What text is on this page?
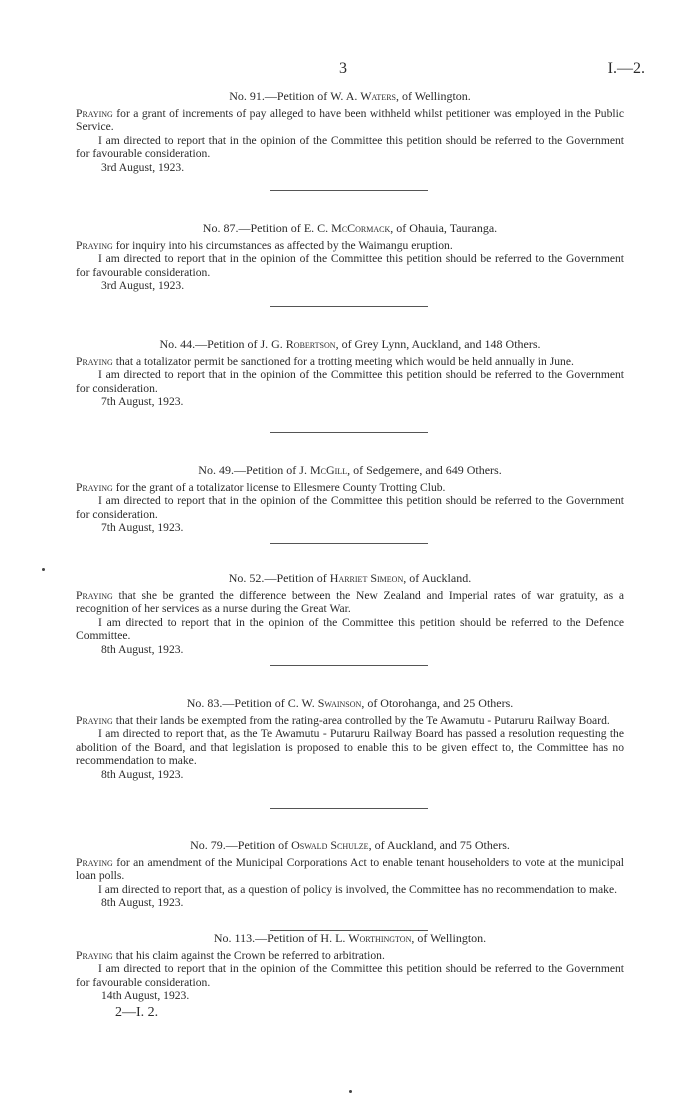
3	I.—2.

No. 91.—Petition of W. A. Waters, of Wellington.

Praying for a grant of increments of pay alleged to have been withheld whilst petitioner was employed in the Public Service.

I am directed to report that in the opinion of the Committee this petition should be referred to the Government for favourable consideration.

3rd August, 1923.

No. 87.—Petition of E. C. McCormack, of Ohauia, Tauranga.

Praying for inquiry into his circumstances as affected by the Waimangu eruption.

I am directed to report that in the opinion of the Committee this petition should be referred to the Government for favourable consideration.

3rd August, 1923.

No. 44.—Petition of J. G. Robertson, of Grey Lynn, Auckland, and 148 Others.

Praying that a totalizator permit be sanctioned for a trotting meeting which would be held annually in June.

I am directed to report that in the opinion of the Committee this petition should be referred to the Government for consideration.

7th August, 1923.

No. 49.—Petition of J. McGill, of Sedgemere, and 649 Others.

Praying for the grant of a totalizator license to Ellesmere County Trotting Club.

I am directed to report that in the opinion of the Committee this petition should be referred to the Government for consideration.

7th August, 1923.

No. 52.—Petition of Harriet Simeon, of Auckland.

Praying that she be granted the difference between the New Zealand and Imperial rates of war gratuity, as a recognition of her services as a nurse during the Great War.

I am directed to report that in the opinion of the Committee this petition should be referred to the Defence Committee.

8th August, 1923.

No. 83.—Petition of C. W. Swainson, of Otorohanga, and 25 Others.

Praying that their lands be exempted from the rating-area controlled by the Te Awamutu - Putaruru Railway Board.

I am directed to report that, as the Te Awamutu - Putaruru Railway Board has passed a resolution requesting the abolition of the Board, and that legislation is proposed to enable this to be given effect to, the Committee has no recommendation to make.

8th August, 1923.

No. 79.—Petition of Oswald Schulze, of Auckland, and 75 Others.

Praying for an amendment of the Municipal Corporations Act to enable tenant householders to vote at the municipal loan polls.

I am directed to report that, as a question of policy is involved, the Committee has no recommendation to make.

8th August, 1923.

No. 113.—Petition of H. L. Worthington, of Wellington.

Praying that his claim against the Crown be referred to arbitration.

I am directed to report that in the opinion of the Committee this petition should be referred to the Government for favourable consideration.

14th August, 1923.

2—I. 2.
